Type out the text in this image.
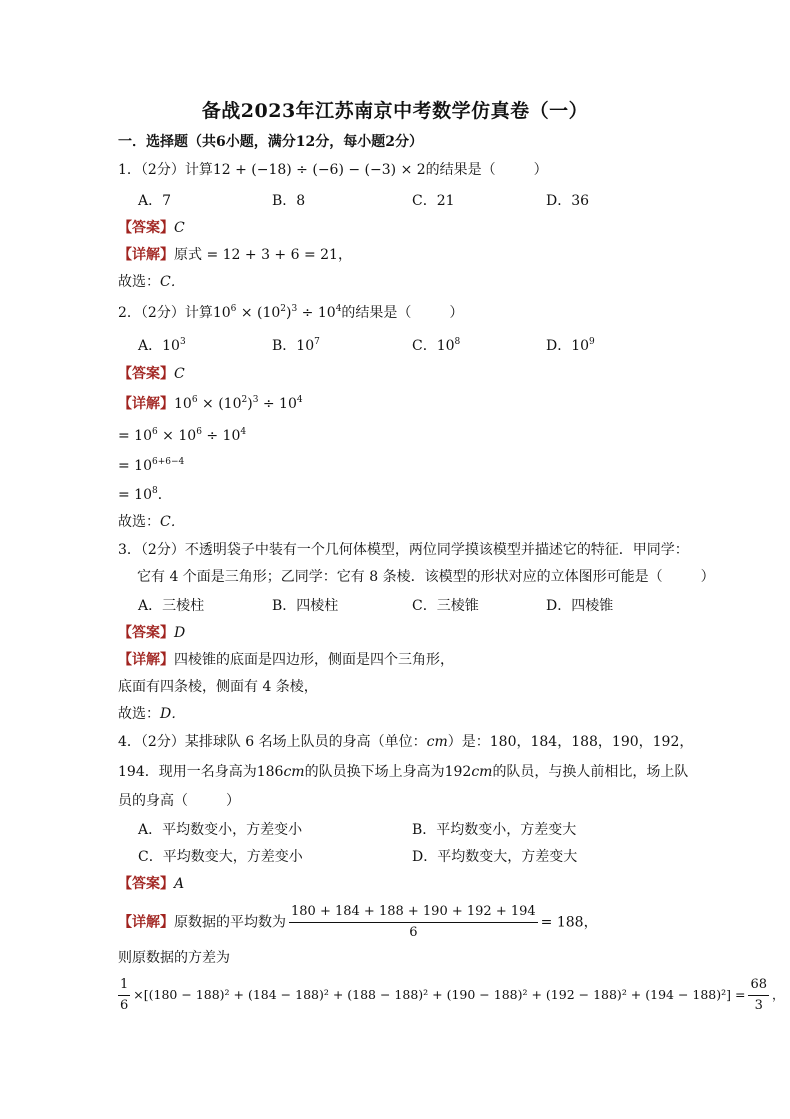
备战2023年江苏南京中考数学仿真卷（一）
一．选择题（共6小题，满分12分，每小题2分）
1．（2分）计算12 + (−18) ÷ (−6) − (−3) × 2的结果是（	）
A．7	B．8	C．21	D．36
【答案】C
【详解】原式 = 12 + 3 + 6 = 21，
故选：C．
2．（2分）计算$10^6 \times (10^2)^3 \div 10^4$的结果是（	）
A．$10^3$	B．$10^7$	C．$10^8$	D．$10^9$
【答案】C
【详解】$10^6 \times (10^2)^3 \div 10^4$
= $10^6 \times 10^6 \div 10^4$
= $10^{6+6-4}$
= $10^8$．
故选：C．
3．（2分）不透明袋子中装有一个几何体模型，两位同学摸该模型并描述它的特征．甲同学：
它有 4 个面是三角形；乙同学：它有 8 条棱．该模型的形状对应的立体图形可能是（	）
A．三棱柱	B．四棱柱	C．三棱锥	D．四棱锥
【答案】D
【详解】四棱锥的底面是四边形，侧面是四个三角形，
底面有四条棱，侧面有 4 条棱，
故选：D．
4．（2分）某排球队 6 名场上队员的身高（单位：cm）是：180，184，188，190，192，
194．现用一名身高为186cm的队员换下场上身高为192cm的队员，与换人前相比，场上队
员的身高（	）
A．平均数变小，方差变小	B．平均数变小，方差变大
C．平均数变大，方差变小	D．平均数变大，方差变大
【答案】A
【详解】原数据的平均数为 $\frac{180 + 184 + 188 + 190 + 192 + 194}{6} = 188$，
则原数据的方差为
$\frac{1}{6} \times[(180 - 188)^2 + (184 - 188)^2 + (188 - 188)^2 + (190 - 188)^2 + (192 - 188)^2 + (194 - 188)^2] = \frac{68}{3}$ ，
